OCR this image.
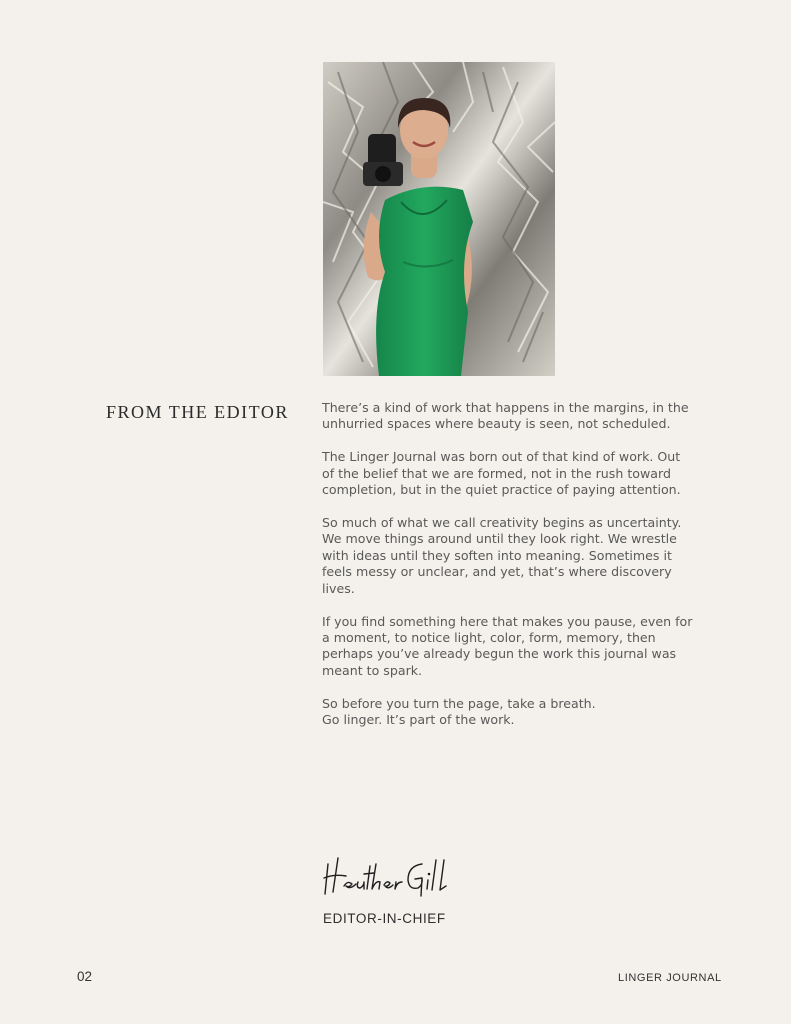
FROM THE EDITOR	There’s a kind of work that happens in the margins, in the unhurried spaces where beauty is seen, not scheduled.

The Linger Journal was born out of that kind of work. Out of the belief that we are formed, not in the rush toward completion, but in the quiet practice of paying attention.

So much of what we call creativity begins as uncertainty. We move things around until they look right. We wrestle with ideas until they soften into meaning. Sometimes it feels messy or unclear, and yet, that’s where discovery lives.

If you find something here that makes you pause, even for a moment, to notice light, color, form, memory, then perhaps you’ve already begun the work this journal was meant to spark.

So before you turn the page, take a breath.
Go linger. It’s part of the work.

EDITOR-IN-CHIEF
02	LINGER JOURNAL
